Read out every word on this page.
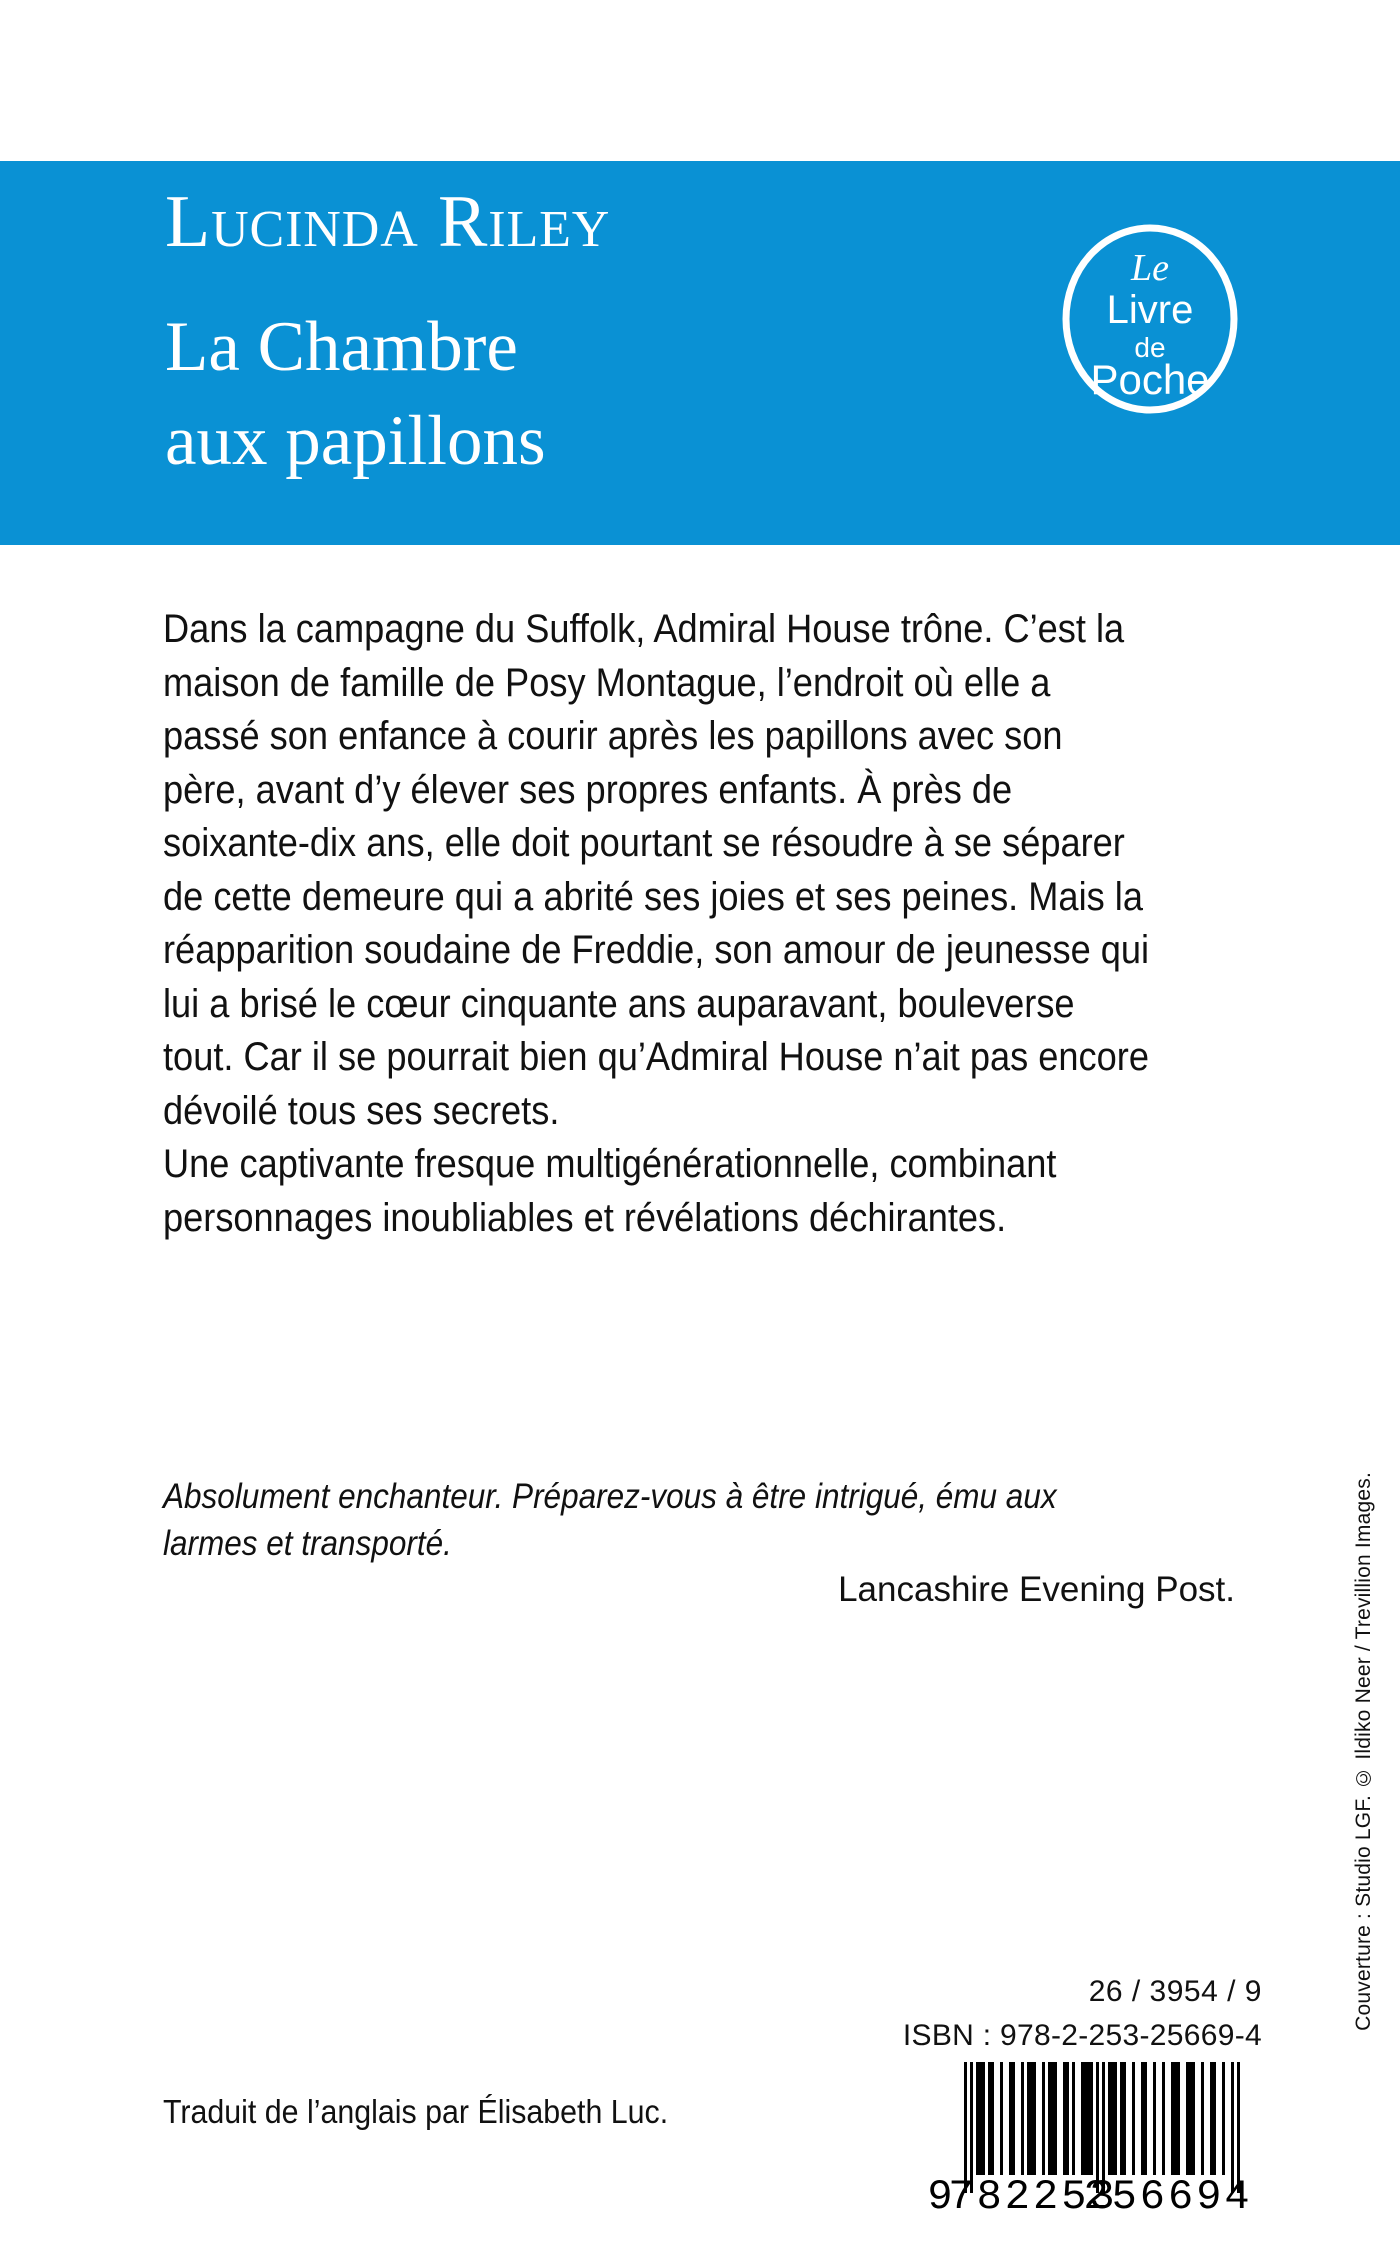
Lucinda Riley
La Chambre
aux papillons
Le
Livre
de
Poche

Dans la campagne du Suffolk, Admiral House trône. C’est la maison de famille de Posy Montague, l’endroit où elle a passé son enfance à courir après les papillons avec son père, avant d’y élever ses propres enfants. À près de soixante-dix ans, elle doit pourtant se résoudre à se séparer de cette demeure qui a abrité ses joies et ses peines. Mais la réapparition soudaine de Freddie, son amour de jeunesse qui lui a brisé le cœur cinquante ans auparavant, bouleverse tout. Car il se pourrait bien qu’Admiral House n’ait pas encore dévoilé tous ses secrets.

Une captivante fresque multigénérationnelle, combinant personnages inoubliables et révélations déchirantes.

Absolument enchanteur. Préparez-vous à être intrigué, ému aux larmes et transporté.
Lancashire Evening Post.	Couverture : Studio LGF. © Ildiko Neer / Trevillion Images.
26 / 3954 / 9
ISBN : 978-2-253-25669-4
Traduit de l’anglais par Élisabeth Luc.
9
782253
256694
